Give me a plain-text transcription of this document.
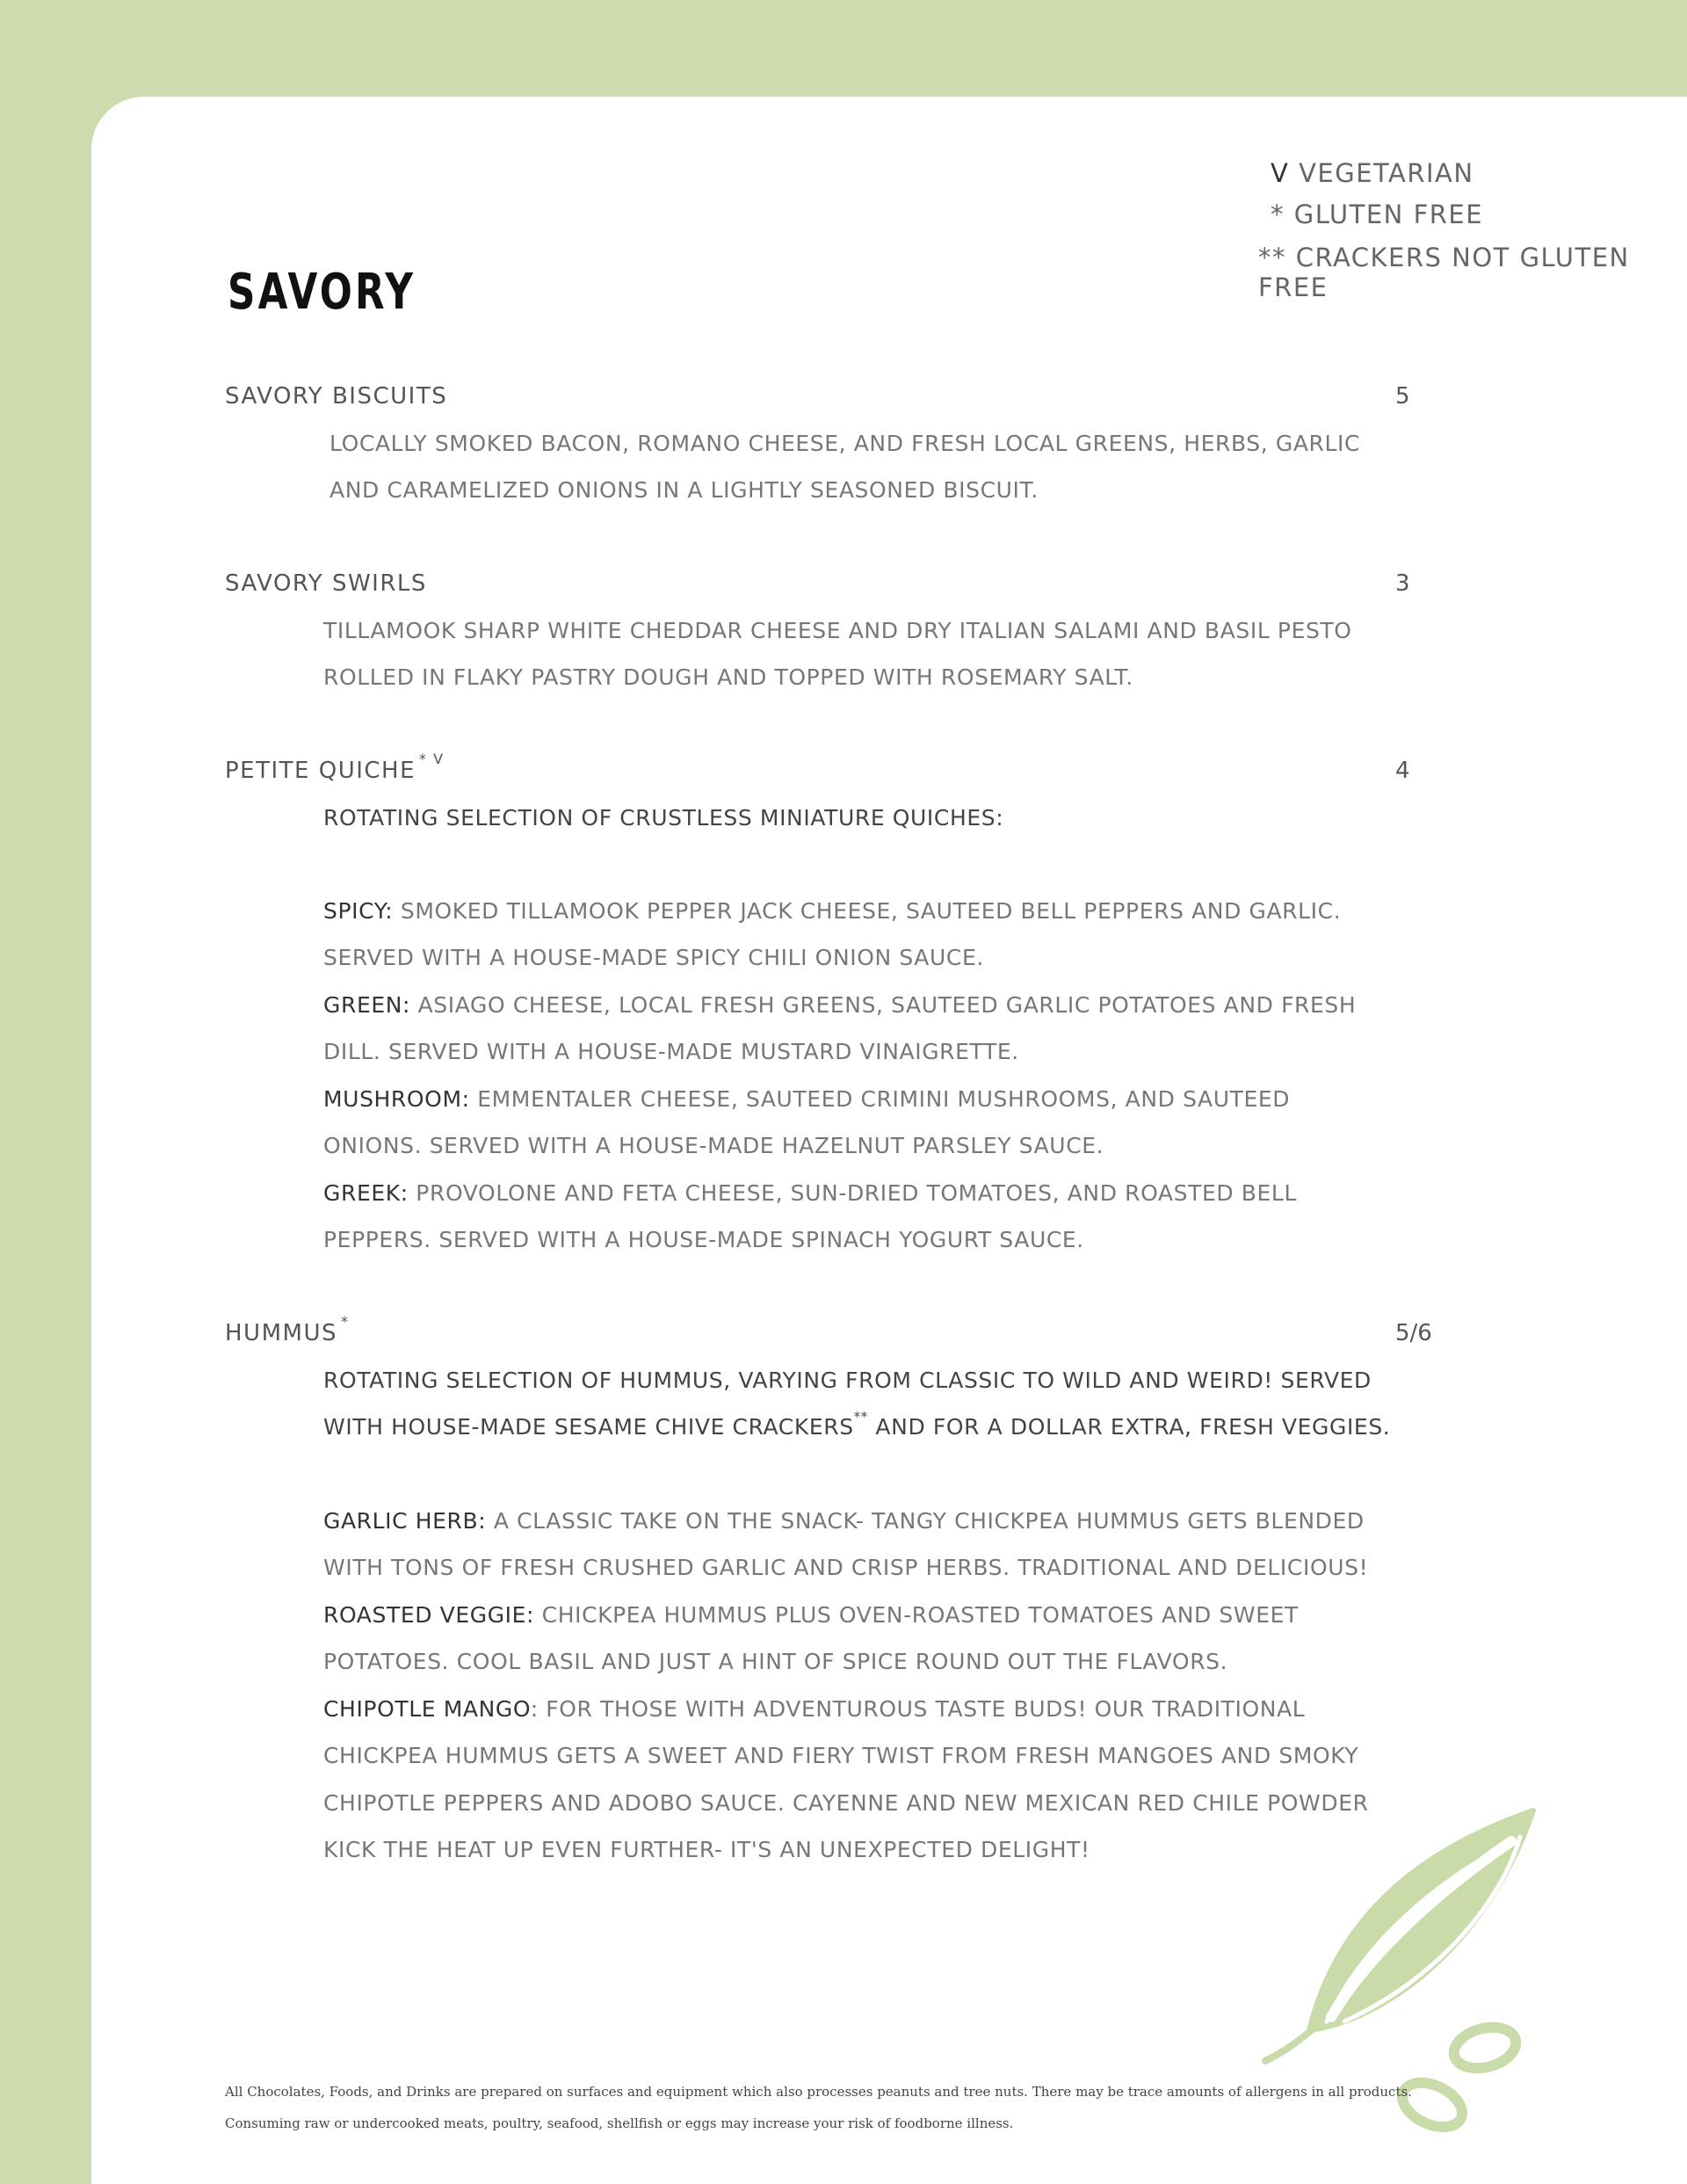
V VEGETARIAN
* GLUTEN FREE
** CRACKERS NOT GLUTEN FREE
SAVORY
SAVORY BISCUITS	5
LOCALLY SMOKED BACON, ROMANO CHEESE, AND FRESH LOCAL GREENS, HERBS, GARLIC
AND CARAMELIZED ONIONS IN A LIGHTLY SEASONED BISCUIT.
SAVORY SWIRLS	3
TILLAMOOK SHARP WHITE CHEDDAR CHEESE AND DRY ITALIAN SALAMI AND BASIL PESTO
ROLLED IN FLAKY PASTRY DOUGH AND TOPPED WITH ROSEMARY SALT.
PETITE QUICHE $^{* V}$	4
ROTATING SELECTION OF CRUSTLESS MINIATURE QUICHES:
SPICY: SMOKED TILLAMOOK PEPPER JACK CHEESE, SAUTEED BELL PEPPERS AND GARLIC.
SERVED WITH A HOUSE-MADE SPICY CHILI ONION SAUCE.
GREEN: ASIAGO CHEESE, LOCAL FRESH GREENS, SAUTEED GARLIC POTATOES AND FRESH
DILL. SERVED WITH A HOUSE-MADE MUSTARD VINAIGRETTE.
MUSHROOM: EMMENTALER CHEESE, SAUTEED CRIMINI MUSHROOMS, AND SAUTEED
ONIONS. SERVED WITH A HOUSE-MADE HAZELNUT PARSLEY SAUCE.
GREEK: PROVOLONE AND FETA CHEESE, SUN-DRIED TOMATOES, AND ROASTED BELL
PEPPERS. SERVED WITH A HOUSE-MADE SPINACH YOGURT SAUCE.
HUMMUS *	5/6
ROTATING SELECTION OF HUMMUS, VARYING FROM CLASSIC TO WILD AND WEIRD! SERVED
WITH HOUSE-MADE SESAME CHIVE CRACKERS** AND FOR A DOLLAR EXTRA, FRESH VEGGIES.
GARLIC HERB: A CLASSIC TAKE ON THE SNACK- TANGY CHICKPEA HUMMUS GETS BLENDED
WITH TONS OF FRESH CRUSHED GARLIC AND CRISP HERBS. TRADITIONAL AND DELICIOUS!
ROASTED VEGGIE: CHICKPEA HUMMUS PLUS OVEN-ROASTED TOMATOES AND SWEET
POTATOES. COOL BASIL AND JUST A HINT OF SPICE ROUND OUT THE FLAVORS.
CHIPOTLE MANGO: FOR THOSE WITH ADVENTUROUS TASTE BUDS! OUR TRADITIONAL
CHICKPEA HUMMUS GETS A SWEET AND FIERY TWIST FROM FRESH MANGOES AND SMOKY
CHIPOTLE PEPPERS AND ADOBO SAUCE. CAYENNE AND NEW MEXICAN RED CHILE POWDER
KICK THE HEAT UP EVEN FURTHER- IT'S AN UNEXPECTED DELIGHT!
All Chocolates, Foods, and Drinks are prepared on surfaces and equipment which also processes peanuts and tree nuts. There may be trace amounts of allergens in all products.
Consuming raw or undercooked meats, poultry, seafood, shellfish or eggs may increase your risk of foodborne illness.
